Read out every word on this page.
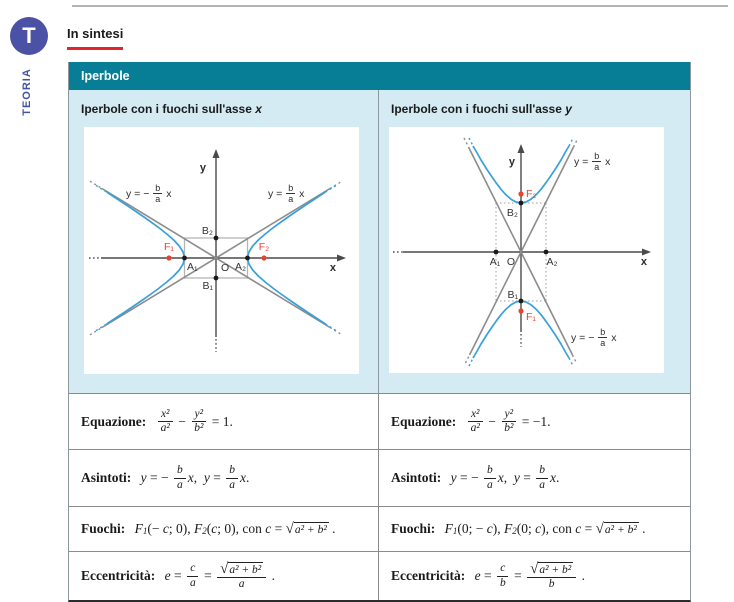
T
TEORIA
In sintesi
Iperbole
Iperbole con i fuochi sull'asse x
y
x
B₂
B₁
A₁	A₂
O
F₁	F₂
y = − $\frac{b}{a}$ x	$y = \frac{b}{a}$ x
Iperbole con i fuochi sull'asse y
y
x
A₁	A₂
O
B₂
B₁
F₂
F₁
$y = \frac{b}{a}$ x
y = − $\frac{b}{a}$ x
Equazione: $\frac{\text{x²}}{\text{a²}} - \frac{\text{y²}}{\text{b²}} = 1$.	Equazione: $\frac{\text{x²}}{\text{a²}} - \frac{\text{y²}}{\text{b²}} = -1$.
Asintoti: y = − $\frac{b}{a}$ x , $y = \frac{b}{a}$ x .	Asintoti: y = − $\frac{b}{a}$ x , $y = \frac{b}{a}$ x .
Fuochi: F 1 (− c ; 0), F 2 ( c ; 0), con c = √ a² + b² .	Fuochi: F 1 (0; − c ), F 2 (0; c ), con c = √ a² + b² .
Eccentricità: $e = \frac{c}{a} = \frac{\text{√ a² + b²}}{a}$ .	Eccentricità: $e = \frac{c}{b} = \frac{\text{√ a² + b²}}{b}$ .
